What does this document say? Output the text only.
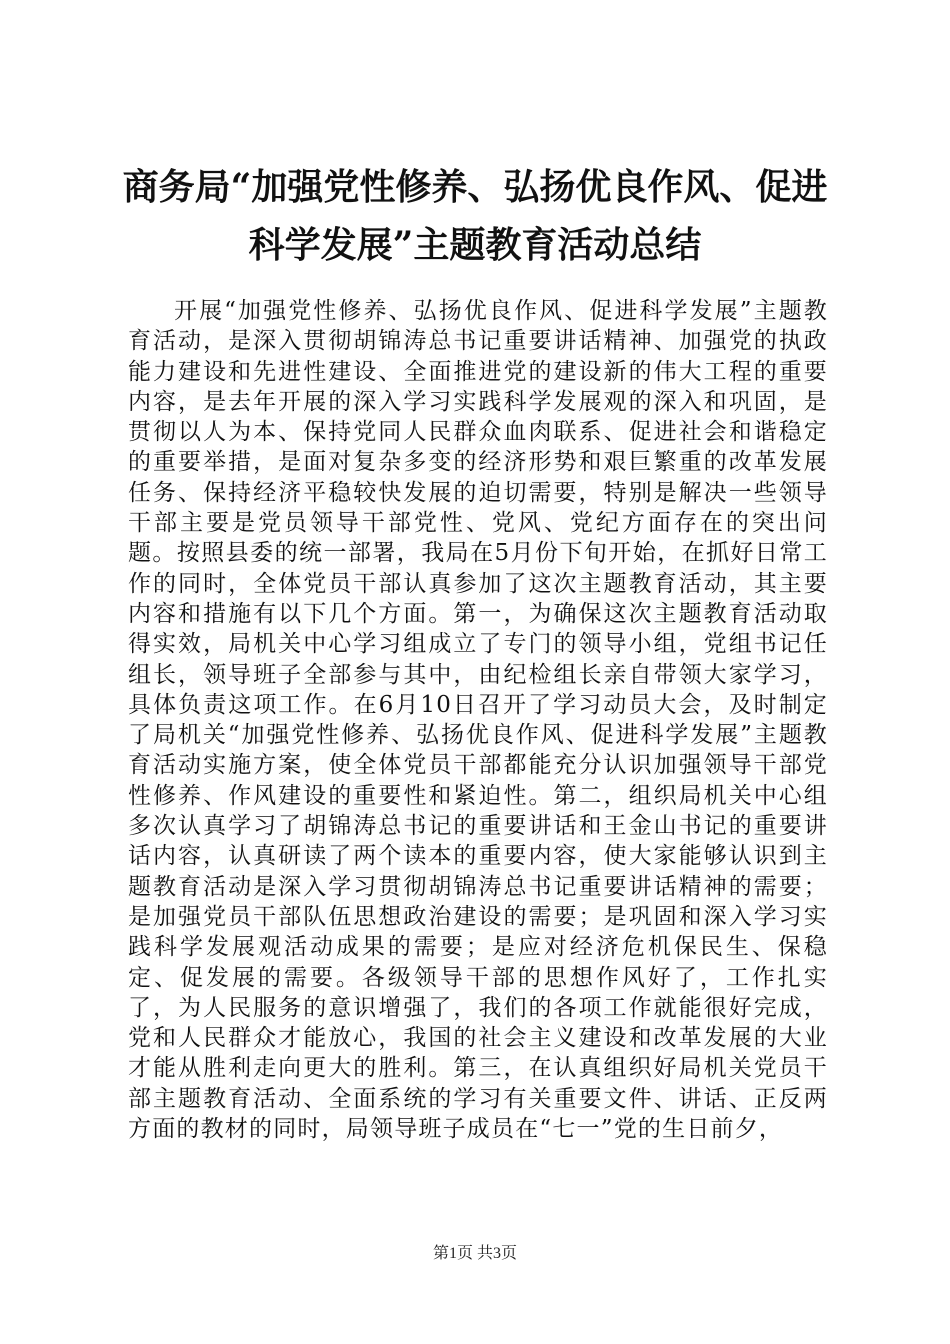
商务局“加强党性修养、弘扬优良作风、促进科学发展”主题教育活动总结

开展“加强党性修养、弘扬优良作风、促进科学发展”主题教育活动，是深入贯彻胡锦涛总书记重要讲话精神、加强党的执政能力建设和先进性建设、全面推进党的建设新的伟大工程的重要内容，是去年开展的深入学习实践科学发展观的深入和巩固，是贯彻以人为本、保持党同人民群众血肉联系、促进社会和谐稳定的重要举措，是面对复杂多变的经济形势和艰巨繁重的改革发展任务、保持经济平稳较快发展的迫切需要，特别是解决一些领导干部主要是党员领导干部党性、党风、党纪方面存在的突出问题。按照县委的统一部署，我局在5月份下旬开始，在抓好日常工作的同时，全体党员干部认真参加了这次主题教育活动，其主要内容和措施有以下几个方面。第一，为确保这次主题教育活动取得实效，局机关中心学习组成立了专门的领导小组，党组书记任组长，领导班子全部参与其中，由纪检组长亲自带领大家学习，具体负责这项工作。在6月10日召开了学习动员大会，及时制定了局机关“加强党性修养、弘扬优良作风、促进科学发展”主题教育活动实施方案，使全体党员干部都能充分认识加强领导干部党性修养、作风建设的重要性和紧迫性。第二，组织局机关中心组多次认真学习了胡锦涛总书记的重要讲话和王金山书记的重要讲话内容，认真研读了两个读本的重要内容，使大家能够认识到主题教育活动是深入学习贯彻胡锦涛总书记重要讲话精神的需要；是加强党员干部队伍思想政治建设的需要；是巩固和深入学习实践科学发展观活动成果的需要；是应对经济危机保民生、保稳定、促发展的需要。各级领导干部的思想作风好了，工作扎实了，为人民服务的意识增强了，我们的各项工作就能很好完成，党和人民群众才能放心，我国的社会主义建设和改革发展的大业才能从胜利走向更大的胜利。第三，在认真组织好局机关党员干部主题教育活动、全面系统的学习有关重要文件、讲话、正反两方面的教材的同时，局领导班子成员在“七一”党的生日前夕，

第1页 共3页
